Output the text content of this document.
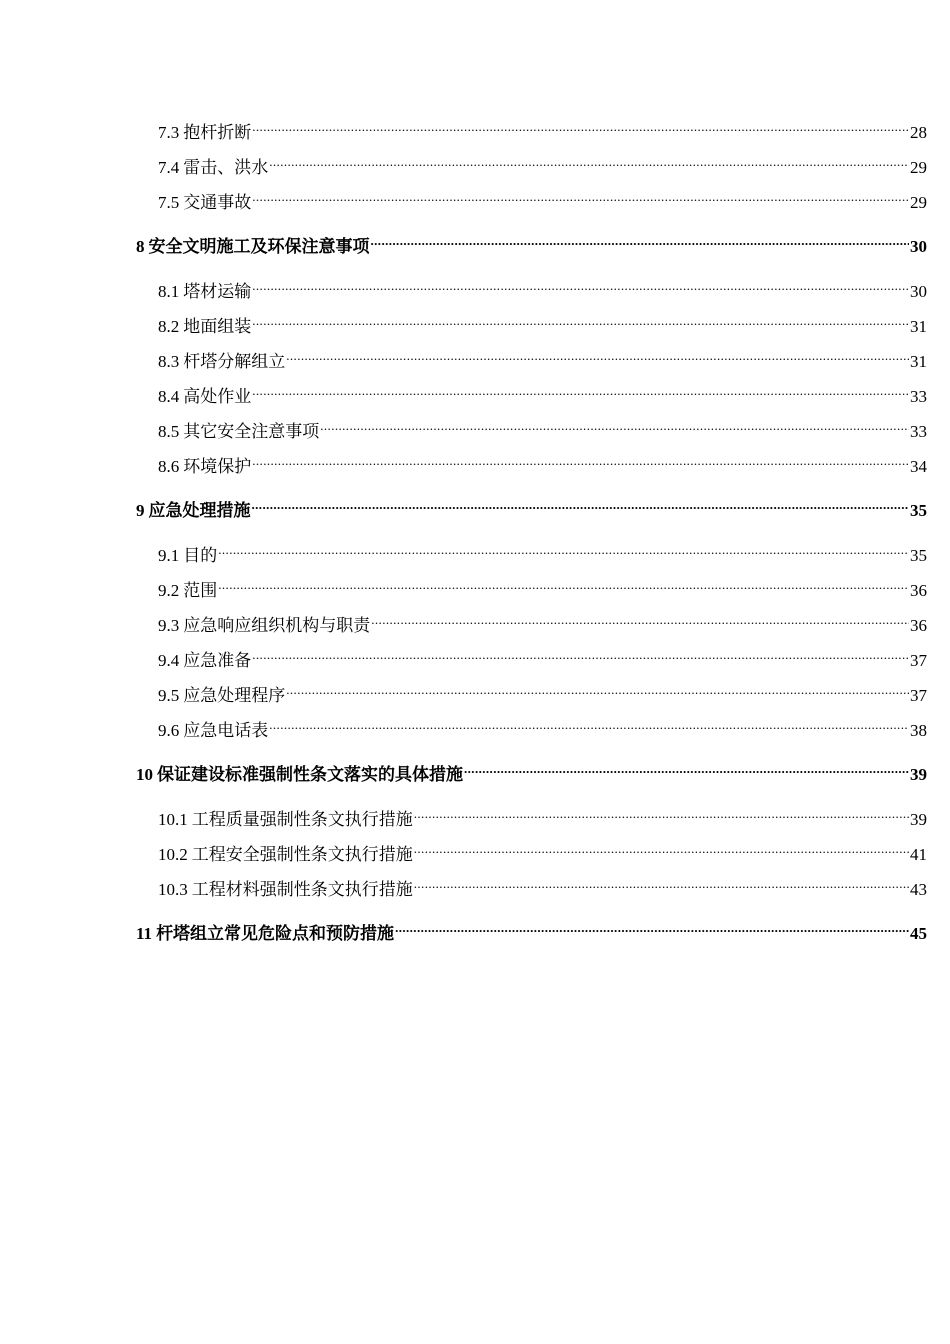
7.3 抱杆折断 .....	28
7.4 雷击、洪水 .....	29
7.5 交通事故 .....	29
8 安全文明施工及环保注意事项 .....	30
8.1 塔材运输 .....	30
8.2 地面组装 .....	31
8.3 杆塔分解组立 .....	31
8.4 高处作业 .....	33
8.5 其它安全注意事项 .....	33
8.6 环境保护 .....	34
9 应急处理措施 .....	35
9.1 目的 .....	35
9.2 范围 .....	36
9.3 应急响应组织机构与职责 .....	36
9.4 应急准备 .....	37
9.5 应急处理程序 .....	37
9.6 应急电话表 .....	38
10 保证建设标准强制性条文落实的具体措施 .....	39
10.1 工程质量强制性条文执行措施 .....	39
10.2 工程安全强制性条文执行措施 .....	41
10.3 工程材料强制性条文执行措施 .....	43
11 杆塔组立常见危险点和预防措施 .....	45
